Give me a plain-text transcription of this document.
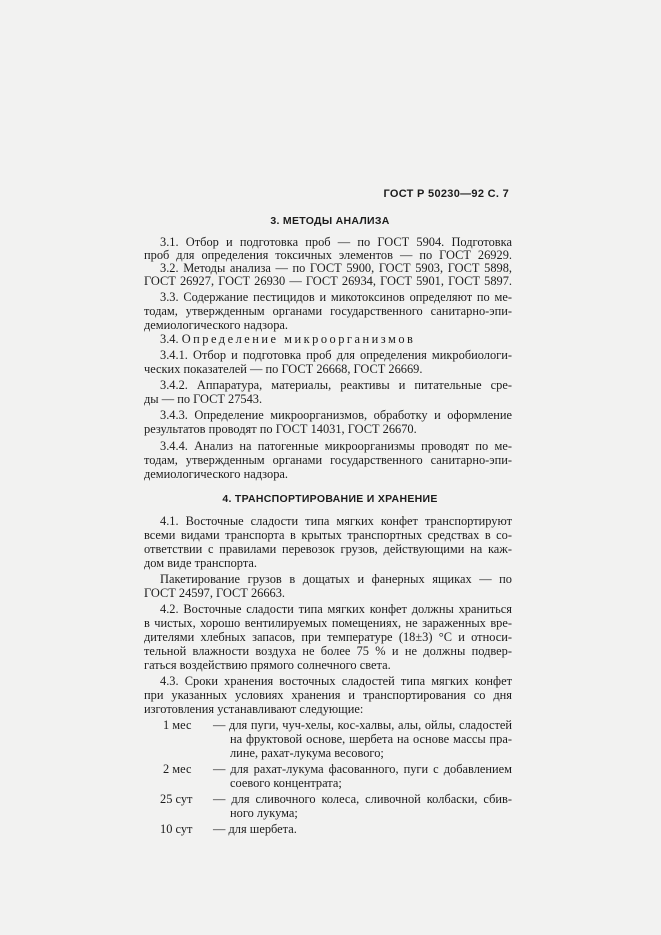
ГОСТ Р 50230—92 С. 7
3. МЕТОДЫ АНАЛИЗА
3.1. Отбор и подготовка проб — по ГОСТ 5904. Подготовка
проб для определения токсичных элементов — по ГОСТ 26929.
3.2. Методы анализа — по ГОСТ 5900, ГОСТ 5903, ГОСТ 5898,
ГОСТ 26927, ГОСТ 26930 — ГОСТ 26934, ГОСТ 5901, ГОСТ 5897.
3.3. Содержание пестицидов и микотоксинов определяют по ме-
тодам, утвержденным органами государственного санитарно-эпи-
демиологического надзора.
3.4. Определение микроорганизмов
3.4.1. Отбор и подготовка проб для определения микробиологи-
ческих показателей — по ГОСТ 26668, ГОСТ 26669.
3.4.2. Аппаратура, материалы, реактивы и питательные сре-
ды — по ГОСТ 27543.
3.4.3. Определение микроорганизмов, обработку и оформление
результатов проводят по ГОСТ 14031, ГОСТ 26670.
3.4.4. Анализ на патогенные микроорганизмы проводят по ме-
тодам, утвержденным органами государственного санитарно-эпи-
демиологического надзора.
4. ТРАНСПОРТИРОВАНИЕ И ХРАНЕНИЕ
4.1. Восточные сладости типа мягких конфет транспортируют
всеми видами транспорта в крытых транспортных средствах в со-
ответствии с правилами перевозок грузов, действующими на каж-
дом виде транспорта.
Пакетирование грузов в дощатых и фанерных ящиках — по
ГОСТ 24597, ГОСТ 26663.
4.2. Восточные сладости типа мягких конфет должны храниться
в чистых, хорошо вентилируемых помещениях, не зараженных вре-
дителями хлебных запасов, при температуре (18±3) °С и относи-
тельной влажности воздуха не более 75 % и не должны подвер-
гаться воздействию прямого солнечного света.
4.3. Сроки хранения восточных сладостей типа мягких конфет
при указанных условиях хранения и транспортирования со дня
изготовления устанавливают следующие:
1 мес — для пуги, чуч-хелы, кос-халвы, алы, ойлы, сладостей
на фруктовой основе, шербета на основе массы пра-
лине, рахат-лукума весового;
2 мес — для рахат-лукума фасованного, пуги с добавлением
соевого концентрата;
25 сут — для сливочного колеса, сливочной колбаски, сбив-
ного лукума;
10 сут — для шербета.
